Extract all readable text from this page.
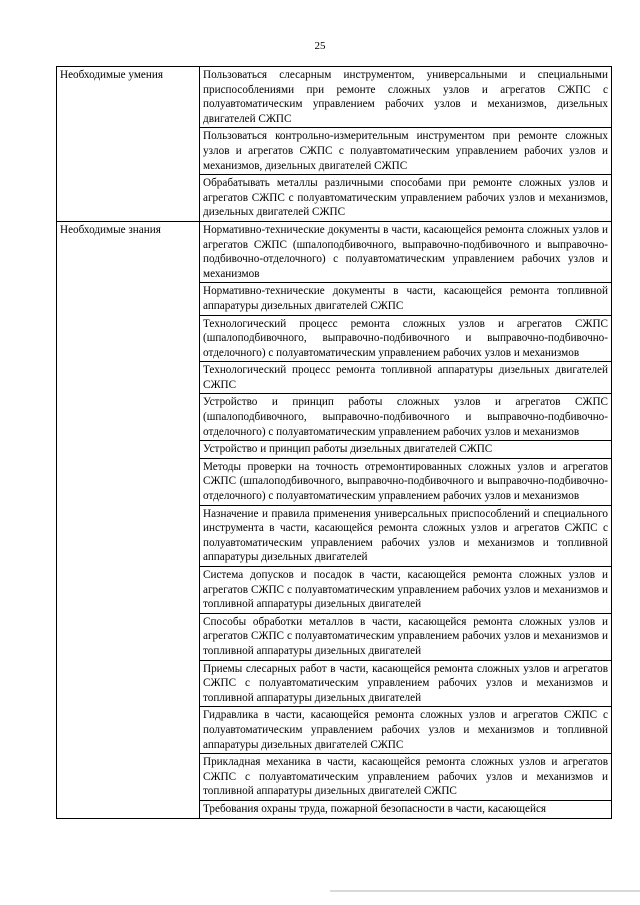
25
Необходимые умения	Пользоваться слесарным инструментом, универсальными и специальными приспособлениями при ремонте сложных узлов и агрегатов СЖПС с полуавтоматическим управлением рабочих узлов и механизмов, дизельных двигателей СЖПС
	Пользоваться контрольно-измерительным инструментом при ремонте сложных узлов и агрегатов СЖПС с полуавтоматическим управлением рабочих узлов и механизмов, дизельных двигателей СЖПС
	Обрабатывать металлы различными способами при ремонте сложных узлов и агрегатов СЖПС с полуавтоматическим управлением рабочих узлов и механизмов, дизельных двигателей СЖПС
Необходимые знания	Нормативно-технические документы в части, касающейся ремонта сложных узлов и агрегатов СЖПС (шпалоподбивочного, выправочно-подбивочного и выправочно-подбивочно-отделочного) с полуавтоматическим управлением рабочих узлов и механизмов
	Нормативно-технические документы в части, касающейся ремонта топливной аппаратуры дизельных двигателей СЖПС
	Технологический процесс ремонта сложных узлов и агрегатов СЖПС (шпалоподбивочного, выправочно-подбивочного и выправочно-подбивочно-отделочного) с полуавтоматическим управлением рабочих узлов и механизмов
	Технологический процесс ремонта топливной аппаратуры дизельных двигателей СЖПС
	Устройство и принцип работы сложных узлов и агрегатов СЖПС (шпалоподбивочного, выправочно-подбивочного и выправочно-подбивочно-отделочного) с полуавтоматическим управлением рабочих узлов и механизмов
	Устройство и принцип работы дизельных двигателей СЖПС
	Методы проверки на точность отремонтированных сложных узлов и агрегатов СЖПС (шпалоподбивочного, выправочно-подбивочного и выправочно-подбивочно-отделочного) с полуавтоматическим управлением рабочих узлов и механизмов
	Назначение и правила применения универсальных приспособлений и специального инструмента в части, касающейся ремонта сложных узлов и агрегатов СЖПС с полуавтоматическим управлением рабочих узлов и механизмов и топливной аппаратуры дизельных двигателей
	Система допусков и посадок в части, касающейся ремонта сложных узлов и агрегатов СЖПС с полуавтоматическим управлением рабочих узлов и механизмов и топливной аппаратуры дизельных двигателей
	Способы обработки металлов в части, касающейся ремонта сложных узлов и агрегатов СЖПС с полуавтоматическим управлением рабочих узлов и механизмов и топливной аппаратуры дизельных двигателей
	Приемы слесарных работ в части, касающейся ремонта сложных узлов и агрегатов СЖПС с полуавтоматическим управлением рабочих узлов и механизмов и топливной аппаратуры дизельных двигателей
	Гидравлика в части, касающейся ремонта сложных узлов и агрегатов СЖПС с полуавтоматическим управлением рабочих узлов и механизмов и топливной аппаратуры дизельных двигателей СЖПС
	Прикладная механика в части, касающейся ремонта сложных узлов и агрегатов СЖПС с полуавтоматическим управлением рабочих узлов и механизмов и топливной аппаратуры дизельных двигателей СЖПС
	Требования охраны труда, пожарной безопасности в части, касающейся
